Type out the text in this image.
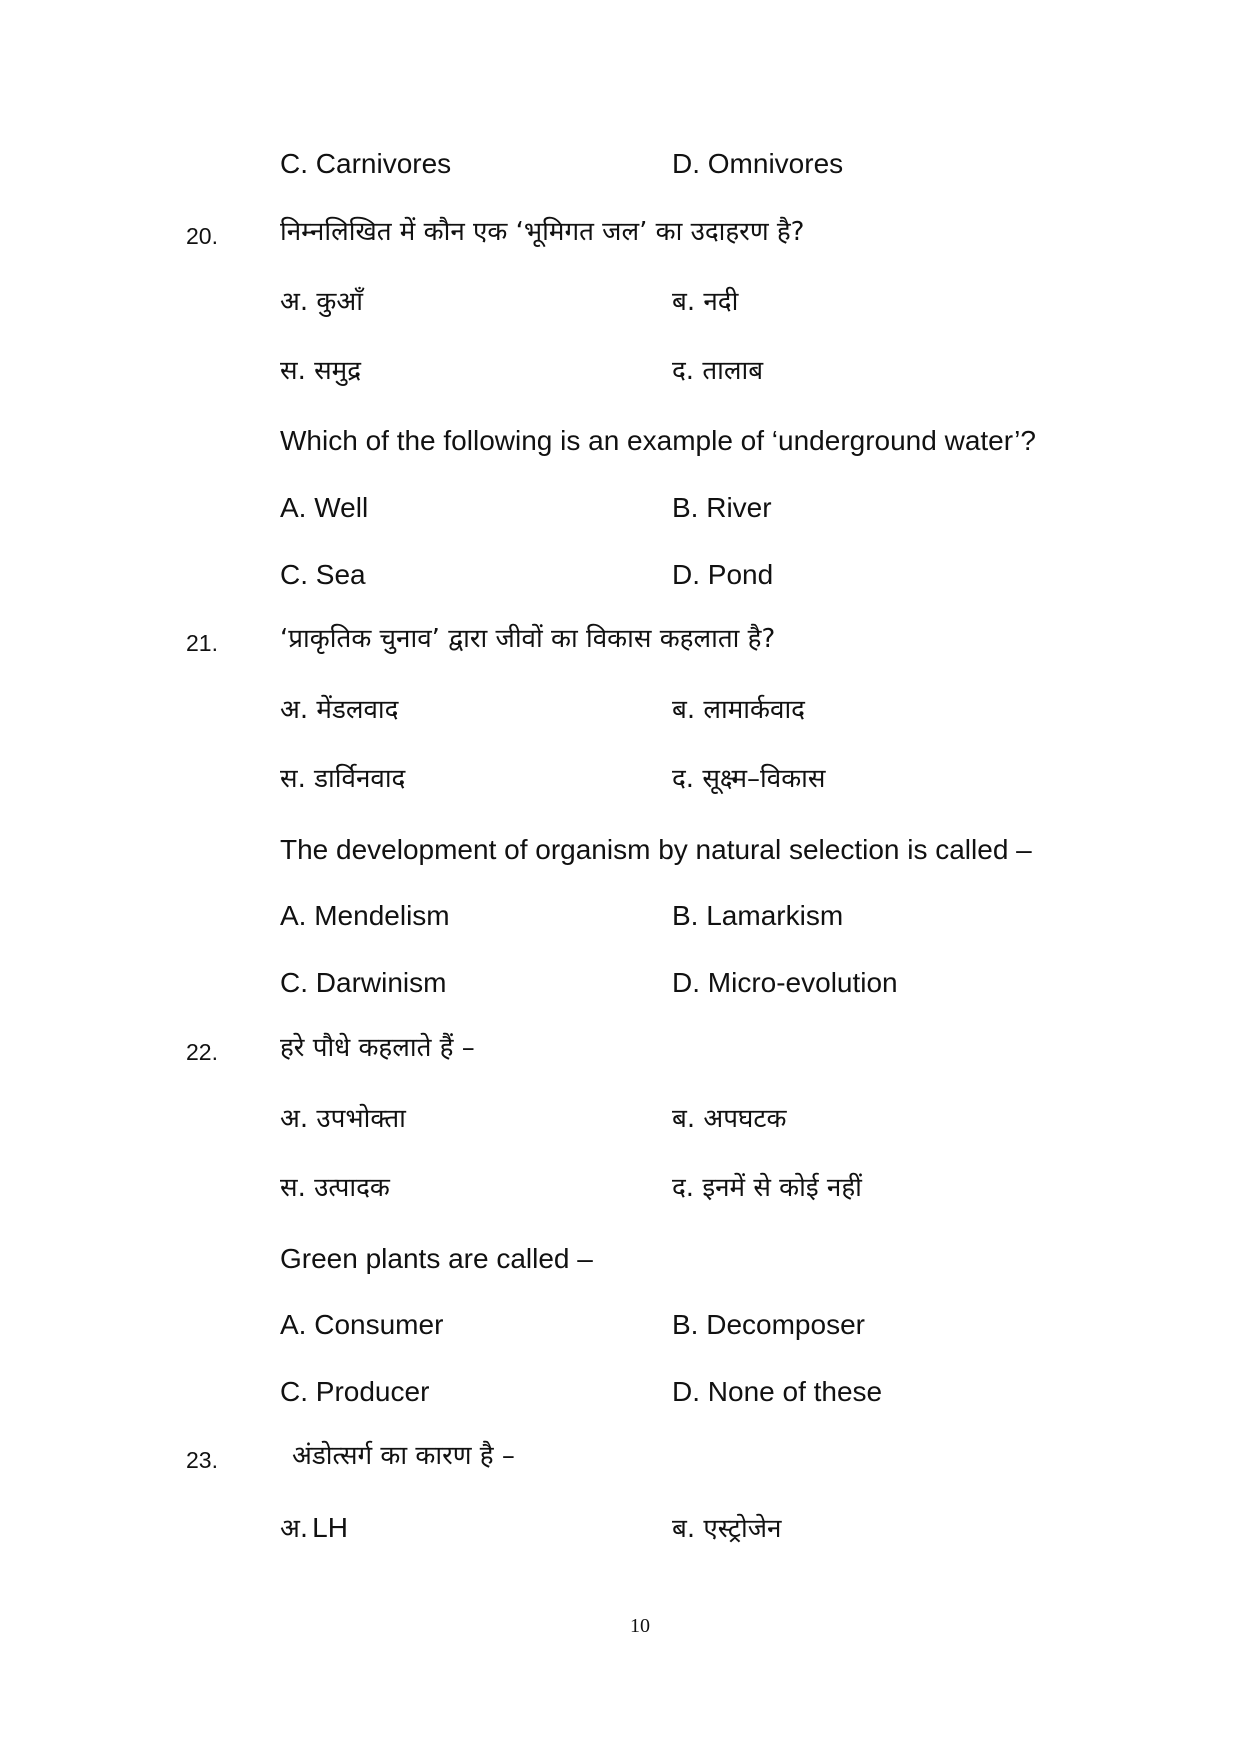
C. Carnivores	D. Omnivores
20. निम्नलिखित में कौन एक ‘भूमिगत जल’ का उदाहरण है?
अ. कुआँ	ब. नदी
स. समुद्र	द. तालाब
Which of the following is an example of ‘underground water’?
A. Well	B. River
C. Sea	D. Pond
21. ‘प्राकृतिक चुनाव’ द्वारा जीवों का विकास कहलाता है?
अ. मेंडलवाद	ब. लामार्कवाद
स. डार्विनवाद	द. सूक्ष्म–विकास
The development of organism by natural selection is called –
A. Mendelism	B. Lamarkism
C. Darwinism	D. Micro-evolution
22. हरे पौधे कहलाते हैं –
अ. उपभोक्ता	ब. अपघटक
स. उत्पादक	द. इनमें से कोई नहीं
Green plants are called –
A. Consumer	B. Decomposer
C. Producer	D. None of these
23.	अंडोत्सर्ग का कारण है –
अ. LH	ब. एस्ट्रोजेन
10
